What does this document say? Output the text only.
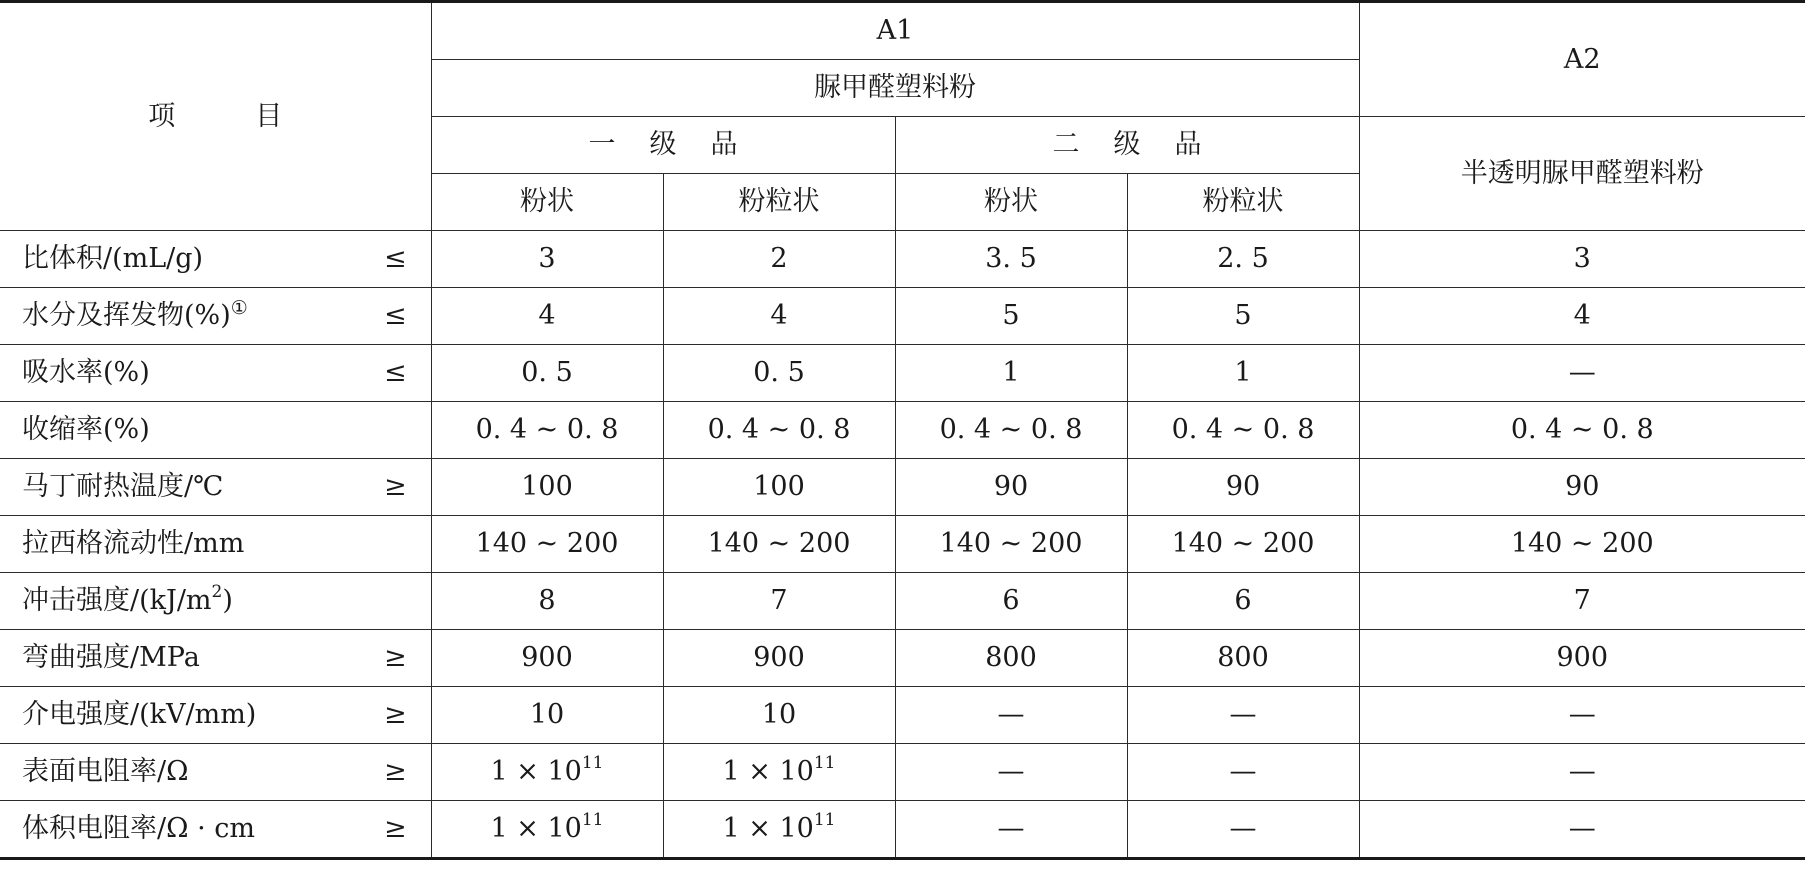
项 目		A1				A2
		脲甲醛塑料粉				
		一 级 品		二 级 品		半透明脲甲醛塑料粉
		粉状	粉粒状	粉状	粉粒状	
比体积/(mL/g)	≤	3	2	3. 5	2. 5	3
水分及挥发物(%)①	≤	4	4	5	5	4
吸水率(%)	≤	0. 5	0. 5	1	1	—
收缩率(%)		0. 4 ~ 0. 8	0. 4 ~ 0. 8	0. 4 ~ 0. 8	0. 4 ~ 0. 8	0. 4 ~ 0. 8
马丁耐热温度/℃	≥	100	100	90	90	90
拉西格流动性/mm		140 ~ 200	140 ~ 200	140 ~ 200	140 ~ 200	140 ~ 200
冲击强度$/(kJ/m^2)$		8	7	6	6	7
弯曲强度/MPa	≥	900	900	800	800	900
介电强度/(kV/mm)	≥	10	10	—	—	—
表面电阻率/Ω	≥	$1 \times 10^{11}$	$1 \times 10^{11}$	—	—	—
体积电阻率/Ω · cm	≥	$1 \times 10^{11}$	$1 \times 10^{11}$	—	—	—
